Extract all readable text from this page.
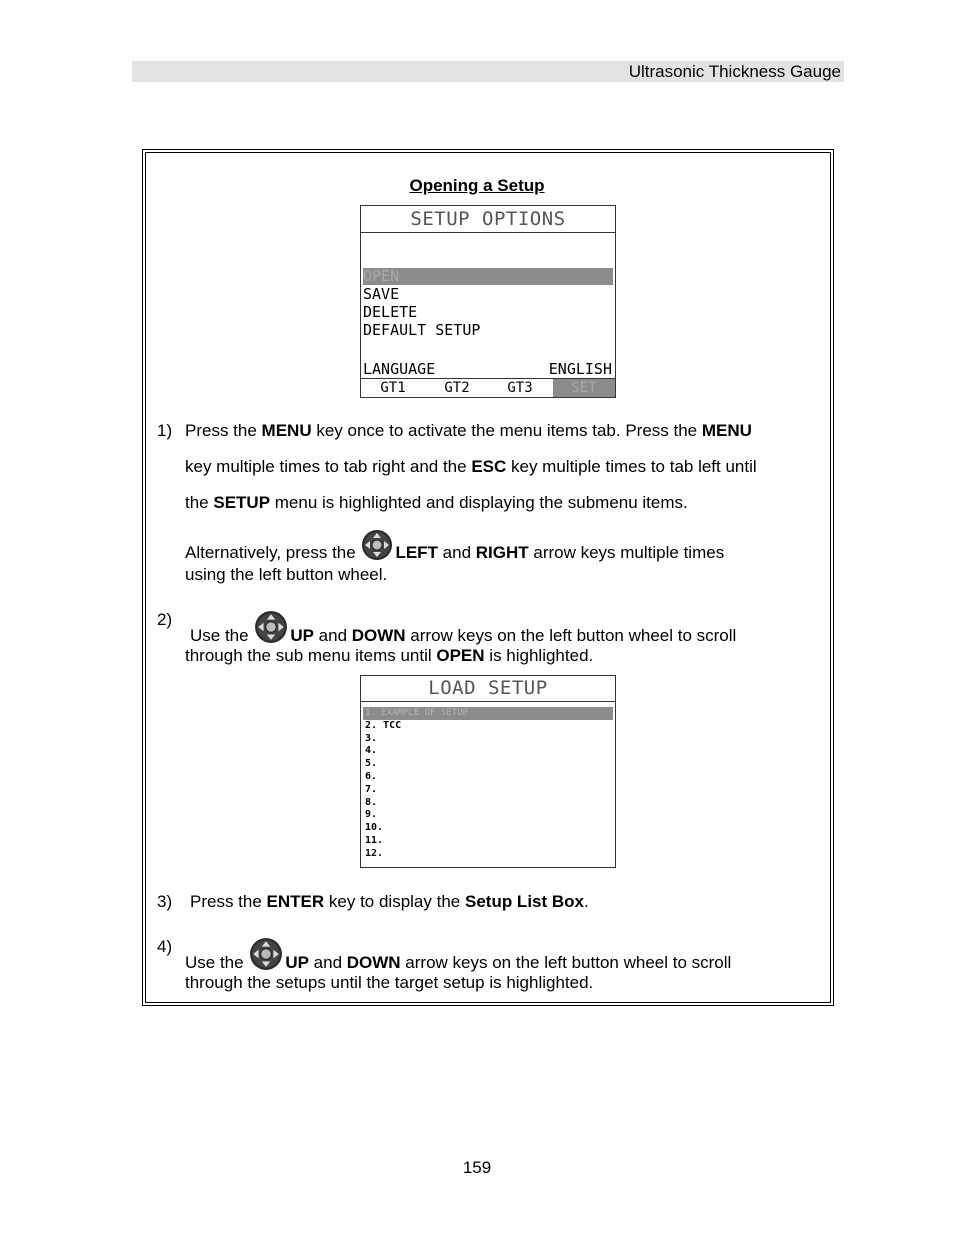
Ultrasonic Thickness Gauge
Opening a Setup
SETUP OPTIONS
OPEN
SAVE
DELETE
DEFAULT SETUP
LANGUAGE	ENGLISH
GT1	GT2	GT3	SET
1) Press the MENU key once to activate the menu items tab. Press the MENU
key multiple times to tab right and the ESC key multiple times to tab left until
the SETUP menu is highlighted and displaying the submenu items.
Alternatively, press the LEFT and RIGHT arrow keys multiple times
using the left button wheel.
2)
Use the UP and DOWN arrow keys on the left button wheel to scroll
through the sub menu items until OPEN is highlighted.
LOAD SETUP
1. EXAMPLE OF SETUP
2. TCC
3.
4.
5.
6.
7.
8.
9.
10.
11.
12.
3) Press the ENTER key to display the Setup List Box.
4)
Use the UP and DOWN arrow keys on the left button wheel to scroll
through the setups until the target setup is highlighted.
159
